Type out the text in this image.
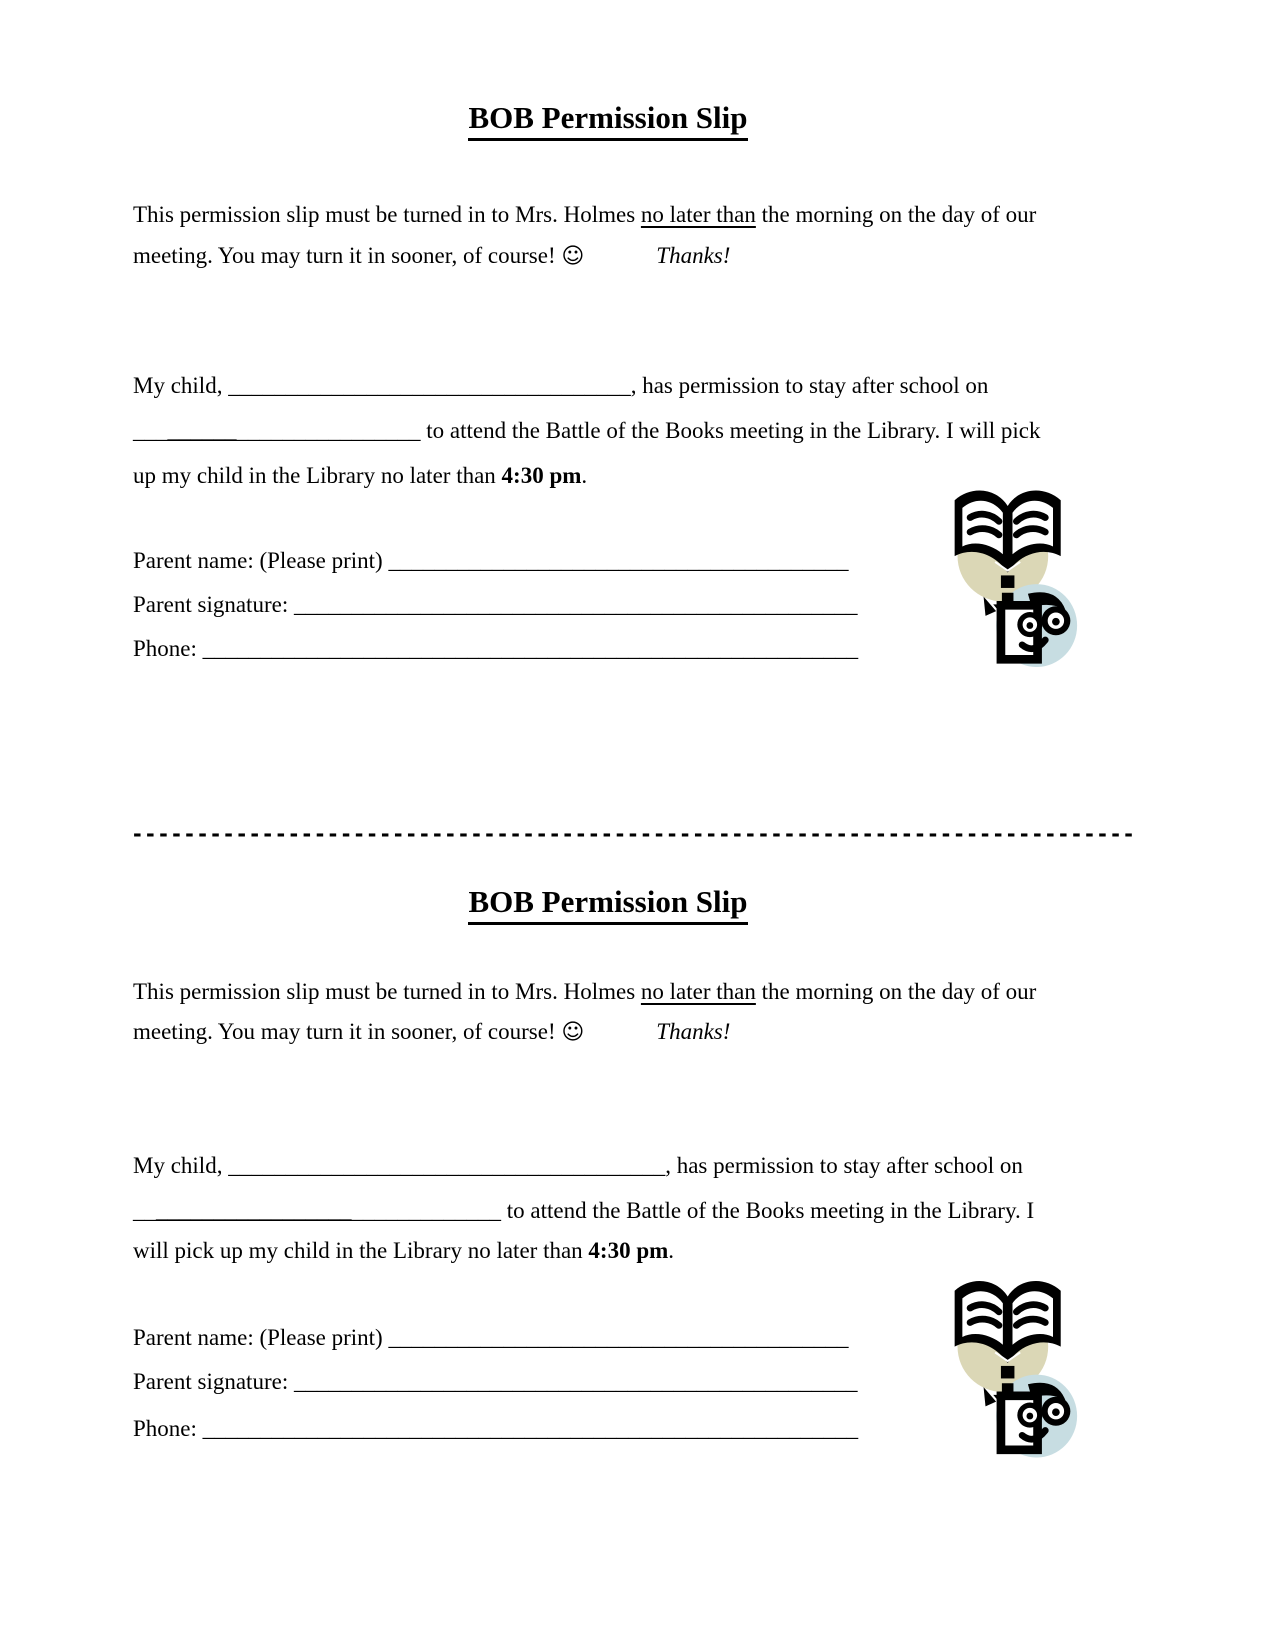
BOB Permission Slip
This permission slip must be turned in to Mrs. Holmes no later than the morning on the day of our
meeting. You may turn it in sooner, of course! ☺	Thanks!
My child, ___________________________________, has permission to stay after school on
_________________________ to attend the Battle of the Books meeting in the Library. I will pick
up my child in the Library no later than 4:30 pm.
Parent name: (Please print) ________________________________________
Parent signature: _________________________________________________
Phone: _________________________________________________________
-----------------------------------------------------------------------------
BOB Permission Slip
This permission slip must be turned in to Mrs. Holmes no later than the morning on the day of our
meeting. You may turn it in sooner, of course! ☺	Thanks!
My child, ______________________________________, has permission to stay after school on
________________________________ to attend the Battle of the Books meeting in the Library. I
will pick up my child in the Library no later than 4:30 pm.
Parent name: (Please print) ________________________________________
Parent signature: _________________________________________________
Phone: _________________________________________________________
